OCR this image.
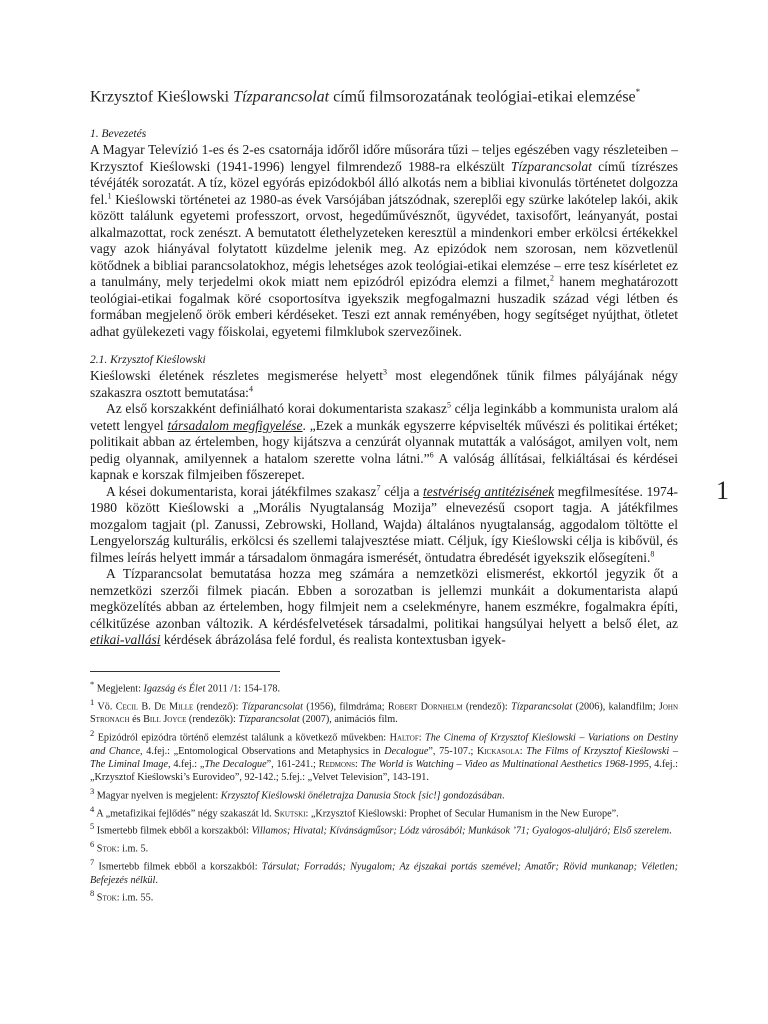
Krzysztof Kieślowski Tízparancsolat című filmsorozatának teológiai-etikai elemzése*
1. Bevezetés

A Magyar Televízió 1-es és 2-es csatornája időről időre műsorára tűzi – teljes egészében vagy részleteiben – Krzysztof Kieślowski (1941-1996) lengyel filmrendező 1988-ra elkészült Tízparancsolat című tízrészes tévéjáték sorozatát. A tíz, közel egyórás epizódokból álló alkotás nem a bibliai kivonulás történetet dolgozza fel.$^1$ Kieślowski történetei az 1980-as évek Varsójában játszódnak, szereplői egy szürke lakótelep lakói, akik között találunk egyetemi professzort, orvost, hegedűművésznőt, ügyvédet, taxisofőrt, leányanyát, postai alkalmazottat, rock zenészt. A bemutatott élethelyzeteken keresztül a mindenkori ember erkölcsi értékekkel vagy azok hiányával folytatott küzdelme jelenik meg. Az epizódok nem szorosan, nem közvetlenül kötődnek a bibliai parancsolatokhoz, mégis lehetséges azok teológiai-etikai elemzése – erre tesz kísérletet ez a tanulmány, mely terjedelmi okok miatt nem epizódról epizódra elemzi a filmet,$^2$ hanem meghatározott teológiai-etikai fogalmak köré csoportosítva igyekszik megfogalmazni huszadik század végi létben és formában megjelenő örök emberi kérdéseket. Teszi ezt annak reményében, hogy segítséget nyújthat, ötletet adhat gyülekezeti vagy főiskolai, egyetemi filmklubok szervezőinek.

2.1. Krzysztof Kieślowski

Kieślowski életének részletes megismerése helyett$^3$ most elegendőnek tűnik filmes pályájának négy szakaszra osztott bemutatása:$^4$

Az első korszakként definiálható korai dokumentarista szakasz$^5$ célja leginkább a kommunista uralom alá vetett lengyel társadalom megfigyelése. „Ezek a munkák egyszerre képviselték művészi és politikai értéket; politikait abban az értelemben, hogy kijátszva a cenzúrát olyannak mutatták a valóságot, amilyen volt, nem pedig olyannak, amilyennek a hatalom szerette volna látni.”$^6$ A valóság állításai, felkiáltásai és kérdései kapnak e korszak filmjeiben főszerepet.

A kései dokumentarista, korai játékfilmes szakasz$^7$ célja a testvériség antitézisének megfilmesítése. 1974-1980 között Kieślowski a „Morális Nyugtalanság Mozija” elnevezésű csoport tagja. A játékfilmes mozgalom tagjait (pl. Zanussi, Zebrowski, Holland, Wajda) általános nyugtalanság, aggodalom töltötte el Lengyelország kulturális, erkölcsi és szellemi talajvesztése miatt. Céljuk, így Kieślowski célja is kibővül, és filmes leírás helyett immár a társadalom önmagára ismerését, öntudatra ébredését igyekszik elősegíteni.$^8$

A Tízparancsolat bemutatása hozza meg számára a nemzetközi elismerést, ekkortól jegyzik őt a nemzetközi szerzői filmek piacán. Ebben a sorozatban is jellemzi munkáit a dokumentarista alapú megközelítés abban az értelemben, hogy filmjeit nem a cselekményre, hanem eszmékre, fogalmakra építi, célkitűzése azonban változik. A kérdésfelvetések társadalmi, politikai hangsúlyai helyett a belső élet, az etikai-vallási kérdések ábrázolása felé fordul, és realista kontextusban igyek-

* Megjelent: Igazság és Élet 2011 /1: 154-178.

$^1$ Vö. Cecil B. De Mille (rendező): Tízparancsolat (1956), filmdráma; Robert Dornhelm (rendező): Tízparancsolat (2006), kalandfilm; John Stronach és Bill Joyce (rendezők): Tízparancsolat (2007), animációs film.

$^2$ Epizódról epizódra történő elemzést találunk a következő művekben: Haltof: The Cinema of Krzysztof Kieślowski – Variations on Destiny and Chance, 4.fej.: „Entomological Observations and Metaphysics in Decalogue”, 75-107.; Kickasola: The Films of Krzysztof Kieślowski – The Liminal Image, 4.fej.: „The Decalogue”, 161-241.; Redmons: The World is Watching – Video as Multinational Aesthetics 1968-1995, 4.fej.: „Krzysztof Kieślowski’s Eurovideo”, 92-142.; 5.fej.: „Velvet Television”, 143-191.

$^3$ Magyar nyelven is megjelent: Krzysztof Kieślowski önéletrajza Danusia Stock [sic!] gondozásában.

$^4$ A „metafizikai fejlődés” négy szakaszát ld. Skutski: „Krzysztof Kieślowski: Prophet of Secular Humanism in the New Europe”.

$^5$ Ismertebb filmek ebből a korszakból: Villamos; Hivatal; Kívánságműsor; Lódz városából; Munkások ’71; Gyalogos-aluljáró; Első szerelem.

$^6$ Stok: i.m. 5.

$^7$ Ismertebb filmek ebből a korszakból: Társulat; Forradás; Nyugalom; Az éjszakai portás szemével; Amatőr; Rövid munkanap; Véletlen; Befejezés nélkül.

$^8$ Stok: i.m. 55.

1
